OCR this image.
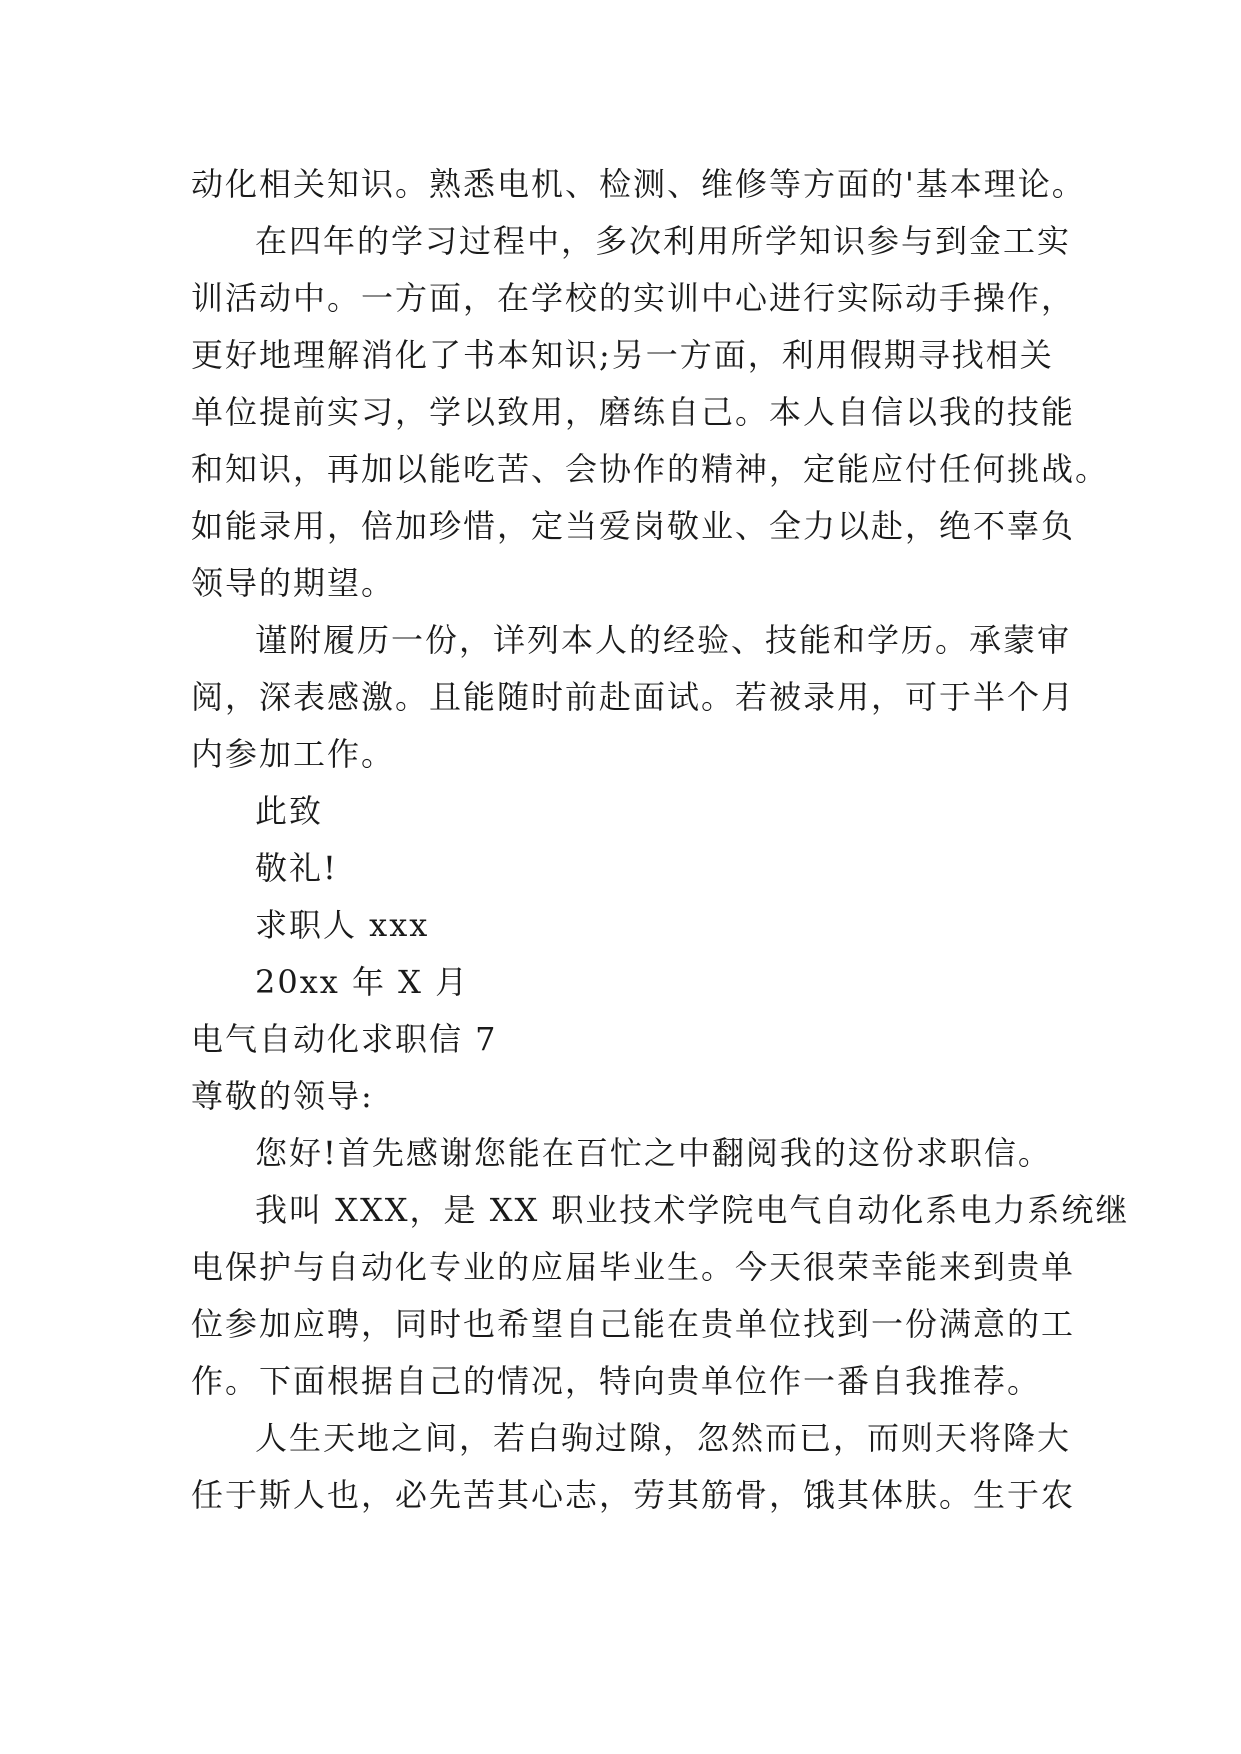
动化相关知识。熟悉电机、检测、维修等方面的'基本理论。
在四年的学习过程中，多次利用所学知识参与到金工实
训活动中。一方面，在学校的实训中心进行实际动手操作，
更好地理解消化了书本知识;另一方面，利用假期寻找相关
单位提前实习，学以致用，磨练自己。本人自信以我的技能
和知识，再加以能吃苦、会协作的精神，定能应付任何挑战。
如能录用，倍加珍惜，定当爱岗敬业、全力以赴，绝不辜负
领导的期望。
谨附履历一份，详列本人的经验、技能和学历。承蒙审
阅，深表感激。且能随时前赴面试。若被录用，可于半个月
内参加工作。
此致
敬礼!
求职人 xxx
20xx 年 X 月
电气自动化求职信 7
尊敬的领导:
您好!首先感谢您能在百忙之中翻阅我的这份求职信。
我叫 XXX，是 XX 职业技术学院电气自动化系电力系统继
电保护与自动化专业的应届毕业生。今天很荣幸能来到贵单
位参加应聘，同时也希望自己能在贵单位找到一份满意的工
作。下面根据自己的情况，特向贵单位作一番自我推荐。
人生天地之间，若白驹过隙，忽然而已，而则天将降大
任于斯人也，必先苦其心志，劳其筋骨，饿其体肤。生于农
